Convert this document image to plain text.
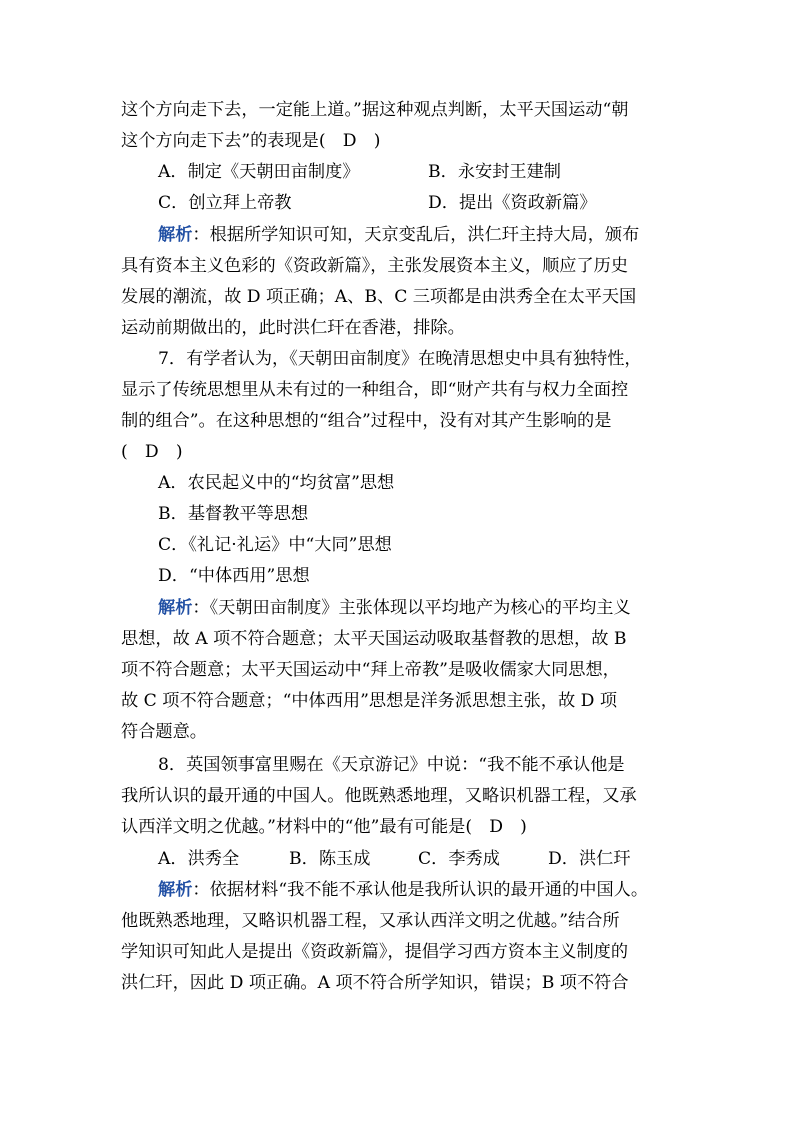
这个方向走下去，一定能上道。”据这种观点判断，太平天国运动“朝
这个方向走下去”的表现是(　D　)
A．制定《天朝田亩制度》	B．永安封王建制
C．创立拜上帝教	D．提出《资政新篇》
解析：根据所学知识可知，天京变乱后，洪仁玕主持大局，颁布
具有资本主义色彩的《资政新篇》，主张发展资本主义，顺应了历史
发展的潮流，故 D 项正确；A、B、C 三项都是由洪秀全在太平天国
运动前期做出的，此时洪仁玕在香港，排除。
7．有学者认为，《天朝田亩制度》在晚清思想史中具有独特性，
显示了传统思想里从未有过的一种组合，即“财产共有与权力全面控
制的组合”。在这种思想的“组合”过程中，没有对其产生影响的是
(　D　)
A．农民起义中的“均贫富”思想
B．基督教平等思想
C．《礼记·礼运》中“大同”思想
D．“中体西用”思想
解析：《天朝田亩制度》主张体现以平均地产为核心的平均主义
思想，故 A 项不符合题意；太平天国运动吸取基督教的思想，故 B
项不符合题意；太平天国运动中“拜上帝教”是吸收儒家大同思想，
故 C 项不符合题意；“中体西用”思想是洋务派思想主张，故 D 项
符合题意。
8．英国领事富里赐在《天京游记》中说：“我不能不承认他是
我所认识的最开通的中国人。他既熟悉地理，又略识机器工程，又承
认西洋文明之优越。”材料中的“他”最有可能是(　D　)
A．洪秀全	B．陈玉成	C．李秀成	D．洪仁玕
解析：依据材料“我不能不承认他是我所认识的最开通的中国人。
他既熟悉地理，又略识机器工程，又承认西洋文明之优越。”结合所
学知识可知此人是提出《资政新篇》，提倡学习西方资本主义制度的
洪仁玕，因此 D 项正确。A 项不符合所学知识，错误；B 项不符合
